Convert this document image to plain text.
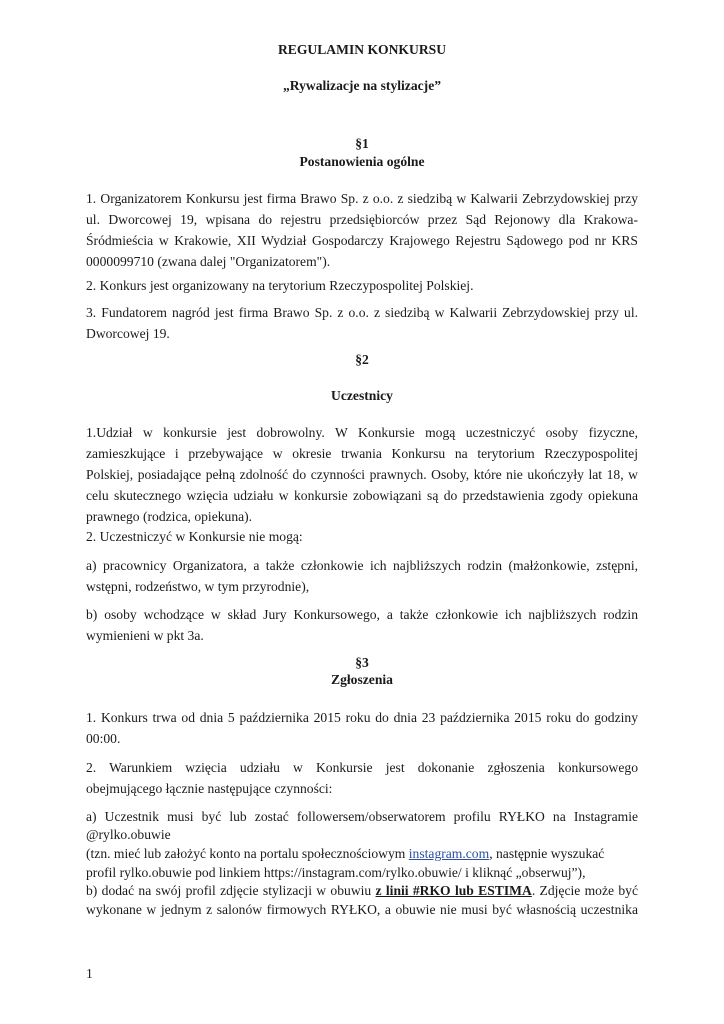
REGULAMIN KONKURSU

„Rywalizacje na stylizacje”

§1

Postanowienia ogólne

1. Organizatorem Konkursu jest firma Brawo Sp. z o.o. z siedzibą w Kalwarii Zebrzydowskiej przy

ul. Dworcowej 19, wpisana do rejestru przedsiębiorców przez Sąd Rejonowy dla Krakowa-

Śródmieścia w Krakowie, XII Wydział Gospodarczy Krajowego Rejestru Sądowego pod nr KRS

0000099710 (zwana dalej "Organizatorem").

2. Konkurs jest organizowany na terytorium Rzeczypospolitej Polskiej.

3. Fundatorem nagród jest firma Brawo Sp. z o.o. z siedzibą w Kalwarii Zebrzydowskiej przy ul.

Dworcowej 19.

§2

Uczestnicy

1.Udział w konkursie jest dobrowolny. W Konkursie mogą uczestniczyć osoby fizyczne,

zamieszkujące i przebywające w okresie trwania Konkursu na terytorium Rzeczypospolitej

Polskiej, posiadające pełną zdolność do czynności prawnych. Osoby, które nie ukończyły lat 18, w

celu skutecznego wzięcia udziału w konkursie zobowiązani są do przedstawienia zgody opiekuna

prawnego (rodzica, opiekuna).

2. Uczestniczyć w Konkursie nie mogą:

a) pracownicy Organizatora, a także członkowie ich najbliższych rodzin (małżonkowie, zstępni,

wstępni, rodzeństwo, w tym przyrodnie),

b) osoby wchodzące w skład Jury Konkursowego, a także członkowie ich najbliższych rodzin

wymienieni w pkt 3a.

§3

Zgłoszenia

1. Konkurs trwa od dnia 5 października 2015 roku do dnia 23 października 2015 roku do godziny

00:00.

2. Warunkiem wzięcia udziału w Konkursie jest dokonanie zgłoszenia konkursowego

obejmującego łącznie następujące czynności:

a) Uczestnik musi być lub zostać followersem/obserwatorem profilu RYŁKO na Instagramie

@rylko.obuwie

(tzn. mieć lub założyć konto na portalu społecznościowym instagram.com, następnie wyszukać

profil rylko.obuwie pod linkiem https://instagram.com/rylko.obuwie/ i kliknąć „obserwuj”),

b) dodać na swój profil zdjęcie stylizacji w obuwiu z linii #RKO lub ESTIMA. Zdjęcie może być

wykonane w jednym z salonów firmowych RYŁKO, a obuwie nie musi być własnością uczestnika

1
